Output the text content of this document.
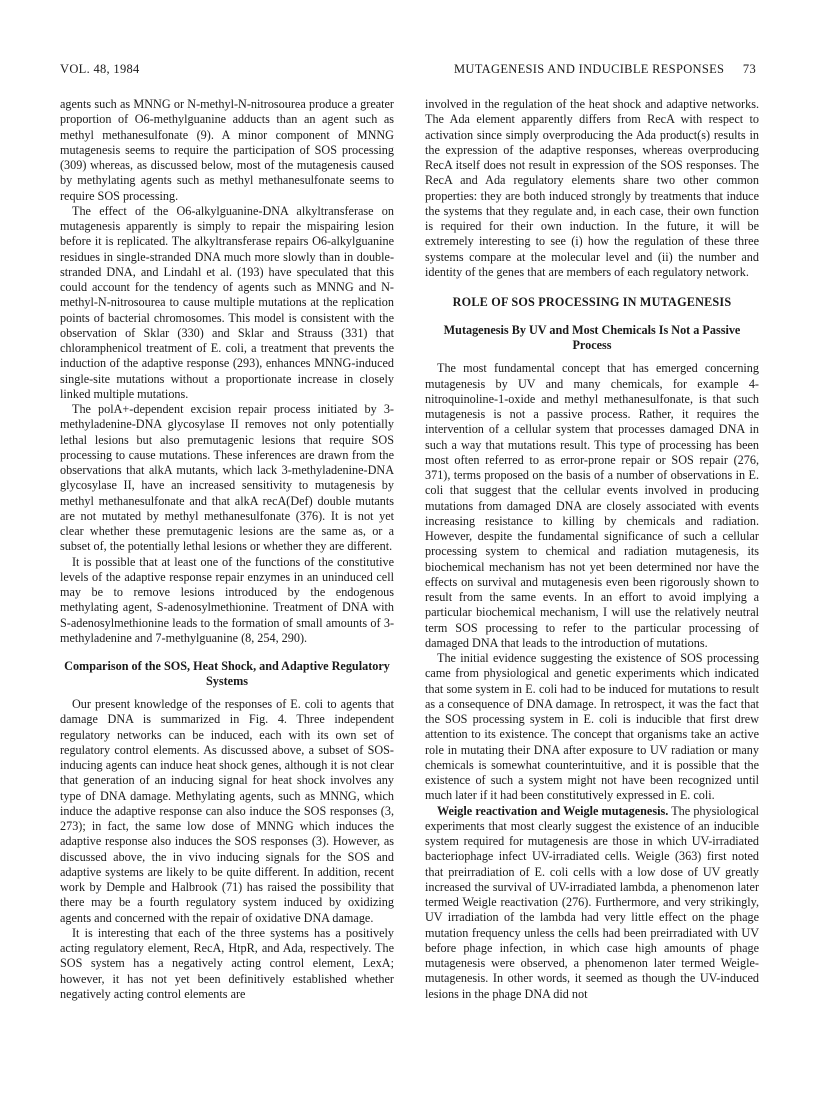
VOL. 48, 1984	MUTAGENESIS AND INDUCIBLE RESPONSES 73

agents such as MNNG or N-methyl-N-nitrosourea produce a greater proportion of O6-methylguanine adducts than an agent such as methyl methanesulfonate (9). A minor component of MNNG mutagenesis seems to require the participation of SOS processing (309) whereas, as discussed below, most of the mutagenesis caused by methylating agents such as methyl methanesulfonate seems to require SOS processing.

The effect of the O6-alkylguanine-DNA alkyltransferase on mutagenesis apparently is simply to repair the mispairing lesion before it is replicated. The alkyltransferase repairs O6-alkylguanine residues in single-stranded DNA much more slowly than in double-stranded DNA, and Lindahl et al. (193) have speculated that this could account for the tendency of agents such as MNNG and N-methyl-N-nitrosourea to cause multiple mutations at the replication points of bacterial chromosomes. This model is consistent with the observation of Sklar (330) and Sklar and Strauss (331) that chloramphenicol treatment of E. coli, a treatment that prevents the induction of the adaptive response (293), enhances MNNG-induced single-site mutations without a proportionate increase in closely linked multiple mutations.

The polA+-dependent excision repair process initiated by 3-methyladenine-DNA glycosylase II removes not only potentially lethal lesions but also premutagenic lesions that require SOS processing to cause mutations. These inferences are drawn from the observations that alkA mutants, which lack 3-methyladenine-DNA glycosylase II, have an increased sensitivity to mutagenesis by methyl methanesulfonate and that alkA recA(Def) double mutants are not mutated by methyl methanesulfonate (376). It is not yet clear whether these premutagenic lesions are the same as, or a subset of, the potentially lethal lesions or whether they are different.

It is possible that at least one of the functions of the constitutive levels of the adaptive response repair enzymes in an uninduced cell may be to remove lesions introduced by the endogenous methylating agent, S-adenosylmethionine. Treatment of DNA with S-adenosylmethionine leads to the formation of small amounts of 3-methyladenine and 7-methylguanine (8, 254, 290).

Comparison of the SOS, Heat Shock, and Adaptive Regulatory Systems

Our present knowledge of the responses of E. coli to agents that damage DNA is summarized in Fig. 4. Three independent regulatory networks can be induced, each with its own set of regulatory control elements. As discussed above, a subset of SOS-inducing agents can induce heat shock genes, although it is not clear that generation of an inducing signal for heat shock involves any type of DNA damage. Methylating agents, such as MNNG, which induce the adaptive response can also induce the SOS responses (3, 273); in fact, the same low dose of MNNG which induces the adaptive response also induces the SOS responses (3). However, as discussed above, the in vivo inducing signals for the SOS and adaptive systems are likely to be quite different. In addition, recent work by Demple and Halbrook (71) has raised the possibility that there may be a fourth regulatory system induced by oxidizing agents and concerned with the repair of oxidative DNA damage.

It is interesting that each of the three systems has a positively acting regulatory element, RecA, HtpR, and Ada, respectively. The SOS system has a negatively acting control element, LexA; however, it has not yet been definitively established whether negatively acting control elements are

involved in the regulation of the heat shock and adaptive networks. The Ada element apparently differs from RecA with respect to activation since simply overproducing the Ada product(s) results in the expression of the adaptive responses, whereas overproducing RecA itself does not result in expression of the SOS responses. The RecA and Ada regulatory elements share two other common properties: they are both induced strongly by treatments that induce the systems that they regulate and, in each case, their own function is required for their own induction. In the future, it will be extremely interesting to see (i) how the regulation of these three systems compare at the molecular level and (ii) the number and identity of the genes that are members of each regulatory network.

ROLE OF SOS PROCESSING IN MUTAGENESIS
Mutagenesis By UV and Most Chemicals Is Not a Passive Process

The most fundamental concept that has emerged concerning mutagenesis by UV and many chemicals, for example 4-nitroquinoline-1-oxide and methyl methanesulfonate, is that such mutagenesis is not a passive process. Rather, it requires the intervention of a cellular system that processes damaged DNA in such a way that mutations result. This type of processing has been most often referred to as error-prone repair or SOS repair (276, 371), terms proposed on the basis of a number of observations in E. coli that suggest that the cellular events involved in producing mutations from damaged DNA are closely associated with events increasing resistance to killing by chemicals and radiation. However, despite the fundamental significance of such a cellular processing system to chemical and radiation mutagenesis, its biochemical mechanism has not yet been determined nor have the effects on survival and mutagenesis even been rigorously shown to result from the same events. In an effort to avoid implying a particular biochemical mechanism, I will use the relatively neutral term SOS processing to refer to the particular processing of damaged DNA that leads to the introduction of mutations.

The initial evidence suggesting the existence of SOS processing came from physiological and genetic experiments which indicated that some system in E. coli had to be induced for mutations to result as a consequence of DNA damage. In retrospect, it was the fact that the SOS processing system in E. coli is inducible that first drew attention to its existence. The concept that organisms take an active role in mutating their DNA after exposure to UV radiation or many chemicals is somewhat counterintuitive, and it is possible that the existence of such a system might not have been recognized until much later if it had been constitutively expressed in E. coli.

Weigle reactivation and Weigle mutagenesis. The physiological experiments that most clearly suggest the existence of an inducible system required for mutagenesis are those in which UV-irradiated bacteriophage infect UV-irradiated cells. Weigle (363) first noted that preirradiation of E. coli cells with a low dose of UV greatly increased the survival of UV-irradiated lambda, a phenomenon later termed Weigle reactivation (276). Furthermore, and very strikingly, UV irradiation of the lambda had very little effect on the phage mutation frequency unless the cells had been preirradiated with UV before phage infection, in which case high amounts of phage mutagenesis were observed, a phenomenon later termed Weigle-mutagenesis. In other words, it seemed as though the UV-induced lesions in the phage DNA did not
